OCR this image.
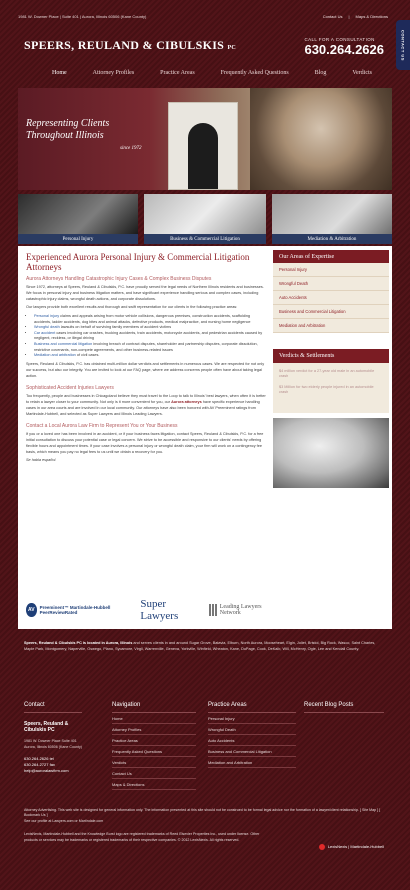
1981 W. Downer Place | Suite 401 | Aurora, Illinois 60506 (Kane County)	Contact Us | Maps & Directions
CONTACT US
SPEERS, REULAND & CIBULSKIS PC
CALL FOR A CONSULTATION
630.264.2626
Home	Attorney Profiles	Practice Areas	Frequently Asked Questions	Blog	Verdicts
Representing Clients
Throughout Illinois
since 1972
Personal Injury	Business & Commercial Litigation	Mediation & Arbitration
Experienced Aurora Personal Injury & Commercial Litigation Attorneys
Aurora Attorneys Handling Catastrophic Injury Cases & Complex Business Disputes

Since 1972, attorneys at Speers, Reuland & Cibulskis, P.C. have proudly served the legal needs of Northern Illinois residents and businesses. We focus in personal injury and business litigation matters, and have significant experience handling serious and complex cases, including catastrophic injury claims, wrongful death actions, and corporate dissolutions.

Our lawyers provide both excellent results and thorough and swift representation for our clients in the following practice areas:

• Personal injury claims and appeals arising from motor vehicle collisions, dangerous premises, construction accidents, scaffolding accidents, ladder accidents, dog bites and animal attacks, defective products, medical malpractice, and nursing home negligence
• Wrongful death lawsuits on behalf of surviving family members of accident victims
• Car accident cases involving car crashes, trucking accidents, train accidents, motorcycle accidents, and pedestrian accidents caused by negligent, reckless, or illegal driving
• Business and commercial litigation involving breach of contract disputes, shareholder and partnership disputes, corporate dissolution, restrictive covenants, non-compete agreements, and other business-related issues
• Mediation and arbitration of civil cases.

Speers, Reuland & Cibulskis, P.C. has obtained multi-million dollar verdicts and settlements in numerous cases. We are respected for not only our success, but also our integrity. You are invited to look at our FAQ page, where we address concerns people often have about taking legal action.

Sophisticated Accident Injuries Lawyers

Too frequently, people and businesses in Chicagoland believe they must travel to the Loop to talk to Illinois' best lawyers, when often it is better to retain a lawyer closer to your community. Not only is it more convenient for you, our Aurora attorneys have specific experience handling cases in our area courts and are involved in our local community. Our attorneys have also been honored with AV Preeminent ratings from Martindale-Hubbell, and selected as Super Lawyers and Illinois Leading Lawyers.

Contact a Local Aurora Law Firm to Represent You or Your Business

If you or a loved one has been involved in an accident, or if your business faces litigation, contact Speers, Reuland & Cibulskis, P.C. for a free initial consultation to discuss your potential case or legal concern. We strive to be accessible and responsive to our clients' needs by offering flexible hours and appointment times. If your case involves a personal injury or wrongful death claim, your firm will work on a contingency fee basis, which means you pay no legal fees to us until we obtain a recovery for you.

Se habla español.

AV	Preeminent™ Martindale-Hubbell PeerReviewRated
Super Lawyers
Leading Lawyers Network
Our Areas of Expertise
Personal Injury
Wrongful Death
Auto Accidents
Business and Commercial Litigation
Mediation and Arbitration
Verdicts & Settlements
$4 million verdict for a 27-year old male in an automobile crash
$3 Million for two elderly people injured in an automobile crash
Speers, Reuland & Cibulskis PC is located in Aurora, Illinois and serves clients in and around Sugar Grove, Batavia, Elburn, North Aurora, Mooseheart, Elgin, Joliet, Bristol, Big Rock, Wasco, Saint Charles, Maple Park, Montgomery, Naperville, Oswego, Plano, Sycamore, Virgil, Warrenville, Geneva, Yorkville, Winfield, Wheaton, Kane, DuPage, Cook, DeKalb, Will, McHenry, Ogle, Lee and Kendall County.
Contact
Speers, Reuland & Cibulskis PC
1981 W. Downer Place Suite 401 Aurora, Illinois 60506 (Kane County)
630.264.2626 tel
630.264.2727 fax
help@auroralawfirm.com
Navigation
Home
Attorney Profiles
Practice Areas
Frequently Asked Questions
Verdicts
Contact Us
Maps & Directions
Practice Areas
Personal Injury
Wrongful Death
Auto Accidents
Business and Commercial Litigation
Mediation and Arbitration
Recent Blog Posts
Attorney Advertising. This web site is designed for general information only. The information presented at this site should not be construed to be formal legal advice nor the formation of a lawyer/client relationship. [ Site Map ] [ Bookmark Us ]
See our profile at Lawyers.com or Martindale.com
LexisNexis, Martindale-Hubbell and the Knowledge Burst logo are registered trademarks of Reed Elsevier Properties Inc., used under license. Other products or services may be trademarks or registered trademarks of their respective companies. © 2012 LexisNexis. All rights reserved.
LexisNexis | Martindale-Hubbell
